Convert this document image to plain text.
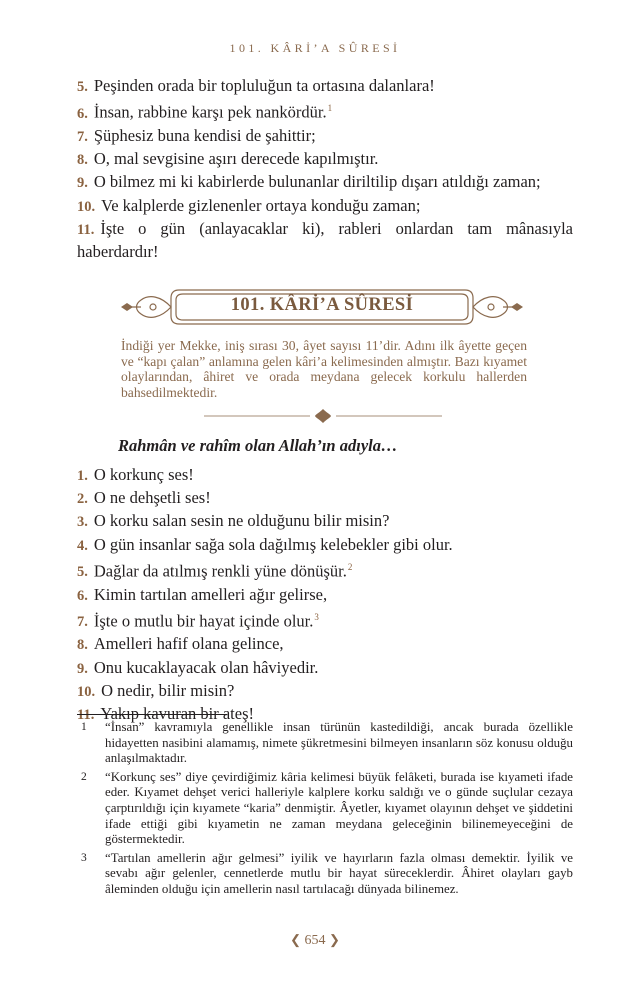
101. KÂRİ’A SÛRESİ
5. Peşinden orada bir topluluğun ta ortasına dalanlara!
6. İnsan, rabbine karşı pek nankördür.$^1$
7. Şüphesiz buna kendisi de şahittir;
8. O, mal sevgisine aşırı derecede kapılmıştır.
9. O bilmez mi ki kabirlerde bulunanlar diriltilip dışarı atıldığı zaman;
10. Ve kalplerde gizlenenler ortaya konduğu zaman;
11. İşte o gün (anlayacaklar ki), rableri onlardan tam mânasıyla haberdardır!
101. KÂRİ’A SÛRESİ

İndiği yer Mekke, iniş sırası 30, âyet sayısı 11’dir. Adını ilk âyette geçen ve “kapı çalan” anlamına gelen kâri’a kelimesinden almıştır. Bazı kıyamet olaylarından, âhiret ve orada meydana gelecek korkulu hallerden bahsedilmektedir.

Rahmân ve rahîm olan Allah’ın adıyla…
1. O korkunç ses!
2. O ne dehşetli ses!
3. O korku salan sesin ne olduğunu bilir misin?
4. O gün insanlar sağa sola dağılmış kelebekler gibi olur.
5. Dağlar da atılmış renkli yüne dönüşür.$^2$
6. Kimin tartılan amelleri ağır gelirse,
7. İşte o mutlu bir hayat içinde olur.$^3$
8. Amelleri hafif olana gelince,
9. Onu kucaklayacak olan hâviyedir.
10. O nedir, bilir misin?
11. Yakıp kavuran bir ateş!
1 “İnsan” kavramıyla genellikle insan türünün kastedildiği, ancak burada özellikle hidayetten nasibini alamamış, nimete şükretmesini bilmeyen insanların söz konusu olduğu anlaşılmaktadır.
2 “Korkunç ses” diye çevirdiğimiz kâria kelimesi büyük felâketi, burada ise kıyameti ifade eder. Kıyamet dehşet verici halleriyle kalplere korku saldığı ve o günde suçlular cezaya çarptırıldığı için kıyamete “karia” denmiştir. Âyetler, kıyamet olayının dehşet ve şiddetini ifade ettiği gibi kıyametin ne zaman meydana geleceğinin bilinemeyeceğini de göstermektedir.
3 “Tartılan amellerin ağır gelmesi” iyilik ve hayırların fazla olması demektir. İyilik ve sevabı ağır gelenler, cennetlerde mutlu bir hayat süreceklerdir. Âhiret olayları gayb âleminden olduğu için amellerin nasıl tartılacağı dünyada bilinemez.
❮ 654 ❯
